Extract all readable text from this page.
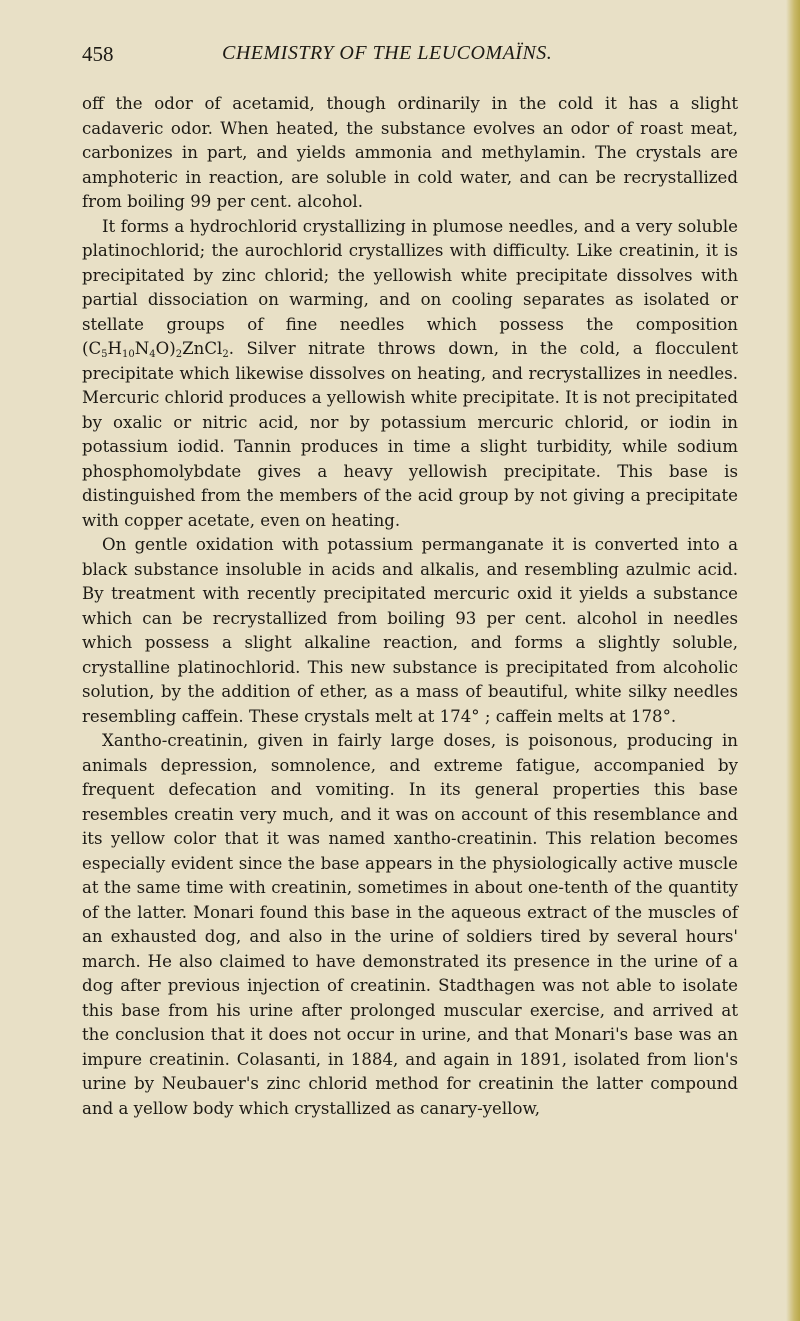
458	CHEMISTRY OF THE LEUCOMAÏNS.

off the odor of acetamid, though ordinarily in the cold it has a slight cadaveric odor. When heated, the substance evolves an odor of roast meat, carbonizes in part, and yields ammonia and methylamin. The crystals are amphoteric in reaction, are soluble in cold water, and can be recrystallized from boiling 99 per cent. alcohol.

It forms a hydrochlorid crystallizing in plumose needles, and a very soluble platinochlorid; the aurochlorid crystallizes with difficulty. Like creatinin, it is precipitated by zinc chlorid; the yellowish white precipitate dissolves with partial dissociation on warming, and on cooling separates as isolated or stellate groups of fine needles which possess the composition $(C_5H_{10}N_4O)_2ZnCl_2$. Silver nitrate throws down, in the cold, a flocculent precipitate which likewise dissolves on heating, and recrystallizes in needles. Mercuric chlorid produces a yellowish white precipitate. It is not precipitated by oxalic or nitric acid, nor by potassium mercuric chlorid, or iodin in potassium iodid. Tannin produces in time a slight turbidity, while sodium phosphomolybdate gives a heavy yellowish precipitate. This base is distinguished from the members of the acid group by not giving a precipitate with copper acetate, even on heating.

On gentle oxidation with potassium permanganate it is converted into a black substance insoluble in acids and alkalis, and resembling azulmic acid. By treatment with recently precipitated mercuric oxid it yields a substance which can be recrystallized from boiling 93 per cent. alcohol in needles which possess a slight alkaline reaction, and forms a slightly soluble, crystalline platinochlorid. This new substance is precipitated from alcoholic solution, by the addition of ether, as a mass of beautiful, white silky needles resembling caffein. These crystals melt at 174° ; caffein melts at 178°.

Xantho-creatinin, given in fairly large doses, is poisonous, producing in animals depression, somnolence, and extreme fatigue, accompanied by frequent defecation and vomiting. In its general properties this base resembles creatin very much, and it was on account of this resemblance and its yellow color that it was named xantho-creatinin. This relation becomes especially evident since the base appears in the physiologically active muscle at the same time with creatinin, sometimes in about one-tenth of the quantity of the latter. Monari found this base in the aqueous extract of the muscles of an exhausted dog, and also in the urine of soldiers tired by several hours' march. He also claimed to have demonstrated its presence in the urine of a dog after previous injection of creatinin. Stadthagen was not able to isolate this base from his urine after prolonged muscular exercise, and arrived at the conclusion that it does not occur in urine, and that Monari's base was an impure creatinin. Colasanti, in 1884, and again in 1891, isolated from lion's urine by Neubauer's zinc chlorid method for creatinin the latter compound and a yellow body which crystallized as canary-yellow,
